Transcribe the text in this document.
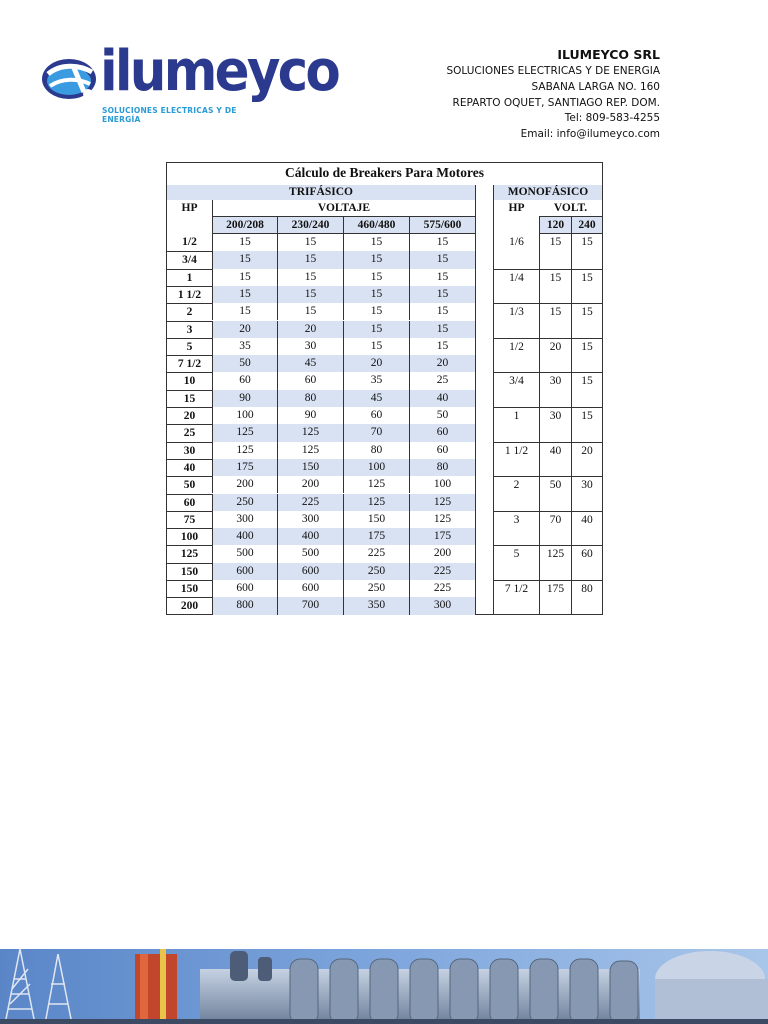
ilumeyco
SOLUCIONES ELECTRICAS Y DE ENERGÍA
ILUMEYCO SRL
SOLUCIONES ELECTRICAS Y DE ENERGIA
SABANA LARGA NO. 160
REPARTO OQUET, SANTIAGO REP. DOM.
Tel: 809-583-4255
Email: info@ilumeyco.com
Cálculo de Breakers Para Motores
TRIFÁSICO	MONOFÁSICO
HP	VOLTAJE
200/208	230/240	460/480	575/600
1/2	15	15	15	15
3/4	15	15	15	15
1	15	15	15	15
1 1/2	15	15	15	15
2	15	15	15	15
3	20	20	15	15
5	35	30	15	15
7 1/2	50	45	20	20
10	60	60	35	25
15	90	80	45	40
20	100	90	60	50
25	125	125	70	60
30	125	125	80	60
40	175	150	100	80
50	200	200	125	100
60	250	225	125	125
75	300	300	150	125
100	400	400	175	175
125	500	500	225	200
150	600	600	250	225
150	600	600	250	225
200	800	700	350	300
HP	VOLT.
120	240
1/6	15	15
1/4	15	15
1/3	15	15
1/2	20	15
3/4	30	15
1	30	15
1 1/2	40	20
2	50	30
3	70	40
5	125	60
7 1/2	175	80
